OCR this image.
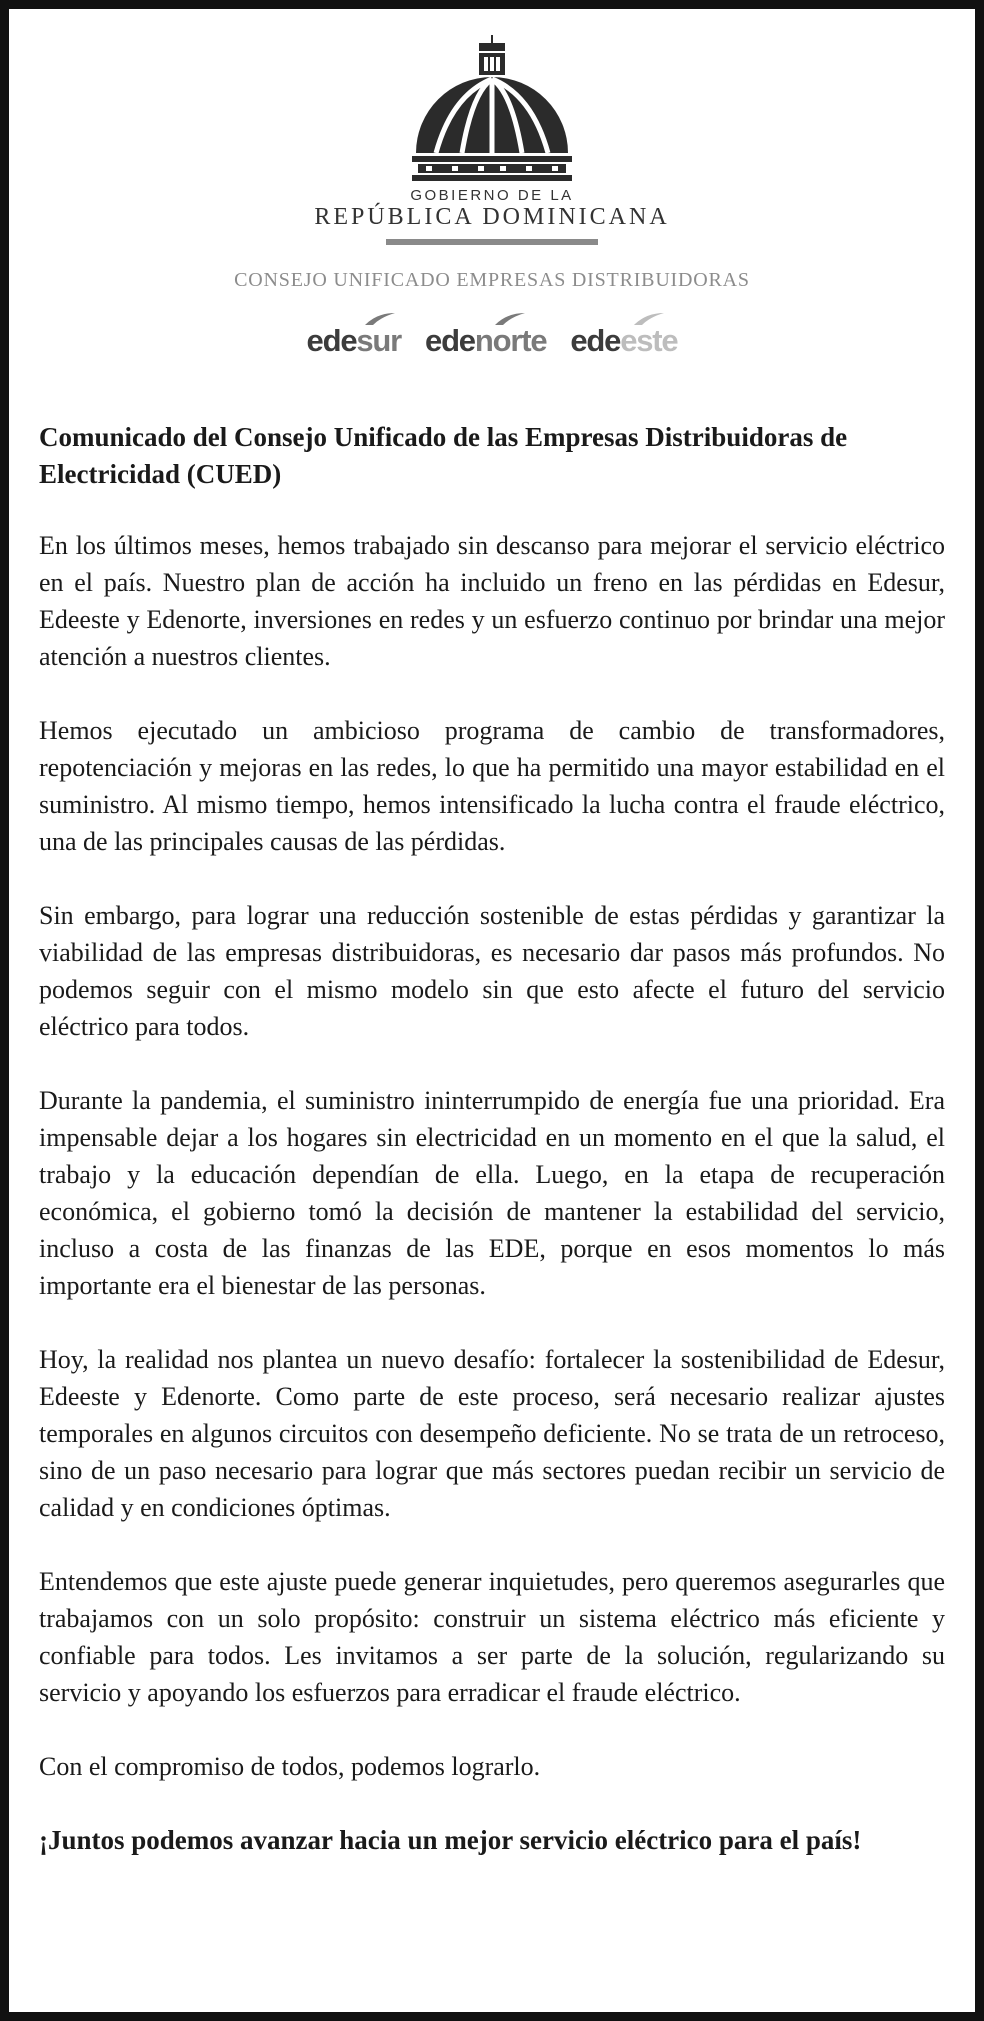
GOBIERNO DE LA
REPÚBLICA DOMINICANA
CONSEJO UNIFICADO EMPRESAS DISTRIBUIDORAS
edesur edenorte edeeste
Comunicado del Consejo Unificado de las Empresas Distribuidoras de Electricidad (CUED)

En los últimos meses, hemos trabajado sin descanso para mejorar el servicio eléctrico en el país. Nuestro plan de acción ha incluido un freno en las pérdidas en Edesur, Edeeste y Edenorte, inversiones en redes y un esfuerzo continuo por brindar una mejor atención a nuestros clientes.

Hemos ejecutado un ambicioso programa de cambio de transformadores, repotenciación y mejoras en las redes, lo que ha permitido una mayor estabilidad en el suministro. Al mismo tiempo, hemos intensificado la lucha contra el fraude eléctrico, una de las principales causas de las pérdidas.

Sin embargo, para lograr una reducción sostenible de estas pérdidas y garantizar la viabilidad de las empresas distribuidoras, es necesario dar pasos más profundos. No podemos seguir con el mismo modelo sin que esto afecte el futuro del servicio eléctrico para todos.

Durante la pandemia, el suministro ininterrumpido de energía fue una prioridad. Era impensable dejar a los hogares sin electricidad en un momento en el que la salud, el trabajo y la educación dependían de ella. Luego, en la etapa de recuperación económica, el gobierno tomó la decisión de mantener la estabilidad del servicio, incluso a costa de las finanzas de las EDE, porque en esos momentos lo más importante era el bienestar de las personas.

Hoy, la realidad nos plantea un nuevo desafío: fortalecer la sostenibilidad de Edesur, Edeeste y Edenorte. Como parte de este proceso, será necesario realizar ajustes temporales en algunos circuitos con desempeño deficiente. No se trata de un retroceso, sino de un paso necesario para lograr que más sectores puedan recibir un servicio de calidad y en condiciones óptimas.

Entendemos que este ajuste puede generar inquietudes, pero queremos asegurarles que trabajamos con un solo propósito: construir un sistema eléctrico más eficiente y confiable para todos. Les invitamos a ser parte de la solución, regularizando su servicio y apoyando los esfuerzos para erradicar el fraude eléctrico.

Con el compromiso de todos, podemos lograrlo.

¡Juntos podemos avanzar hacia un mejor servicio eléctrico para el país!
